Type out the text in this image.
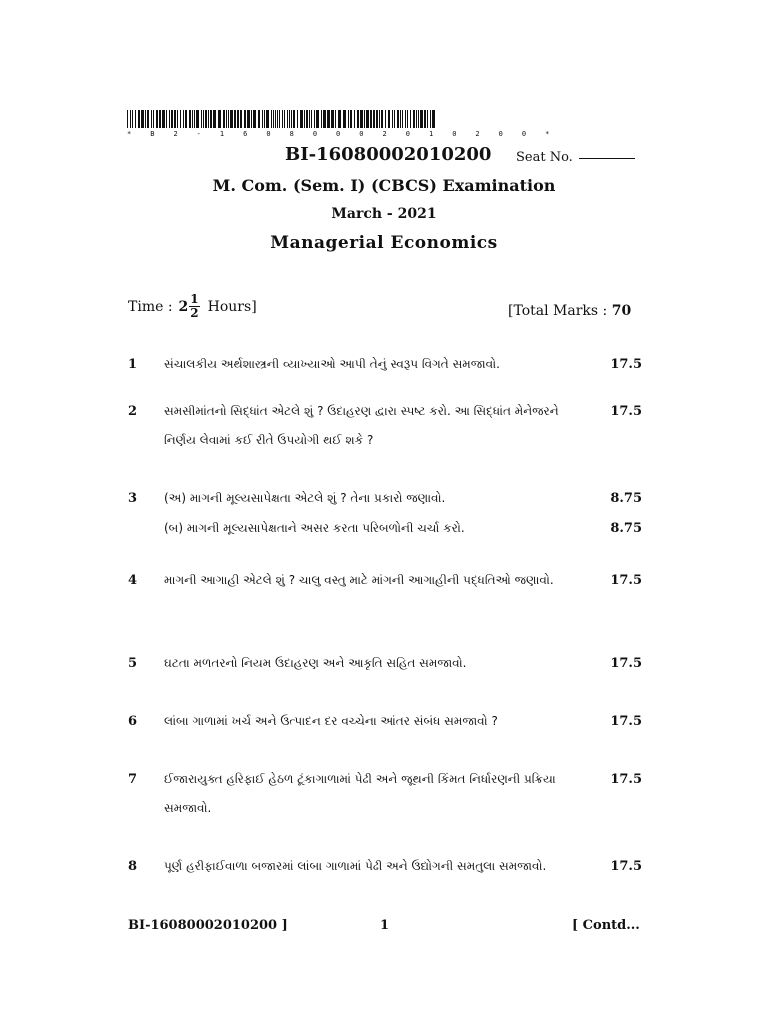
* B 2 - 1 6 0 8 0 0 0 2 0 1 0 2 0 0 *
BI-16080002010200 Seat No.
M. Com. (Sem. I) (CBCS) Examination
March - 2021
Managerial Economics
Time : $2 \frac{1}{2}$ Hours]	[Total Marks : 70
1 સંચાલકીય અર્થશાસ્ત્રની વ્યાખ્યાઓ આપી તેનું સ્વરૂપ વિગતે સમજાવો.	17.5
2 સમસીમાંતનો સિદ્ધાંત એટલે શું ? ઉદાહરણ દ્વારા સ્પષ્ટ કરો. આ સિદ્ધાંત મેનેજરને નિર્ણય લેવામાં કઈ રીતે ઉપયોગી થઈ શકે ?
17.5
3 (અ) માગની મૂલ્યસાપેક્ષતા એટલે શું ? તેના પ્રકારો જણાવો.	8.75
(બ) માગની મૂલ્યસાપેક્ષતાને અસર કરતા પરિબળોની ચર્ચા કરો.	8.75
4 માગની આગાહી એટલે શું ? ચાલુ વસ્તુ માટે માંગની આગાહીની પદ્ધતિઓ જણાવો.	17.5
5 ઘટતા મળતરનો નિયમ ઉદાહરણ અને આકૃતિ સહિત સમજાવો.	17.5
6 લાંબા ગાળામાં ખર્ચ અને ઉત્પાદન દર વચ્ચેના આંતર સંબંધ સમજાવો ?	17.5
7 ઈજારાયુક્ત હરિફાઈ હેઠળ ટૂંકાગાળામાં પેઢી અને જૂથની કિંમત નિર્ધારણની પ્રક્રિયા સમજાવો.
17.5
8 પૂર્ણ હરીફાઈવાળા બજારમાં લાંબા ગાળામાં પેઢી અને ઉદ્યોગની સમતુલા સમજાવો.	17.5
BI-16080002010200 ]	1	[ Contd...
